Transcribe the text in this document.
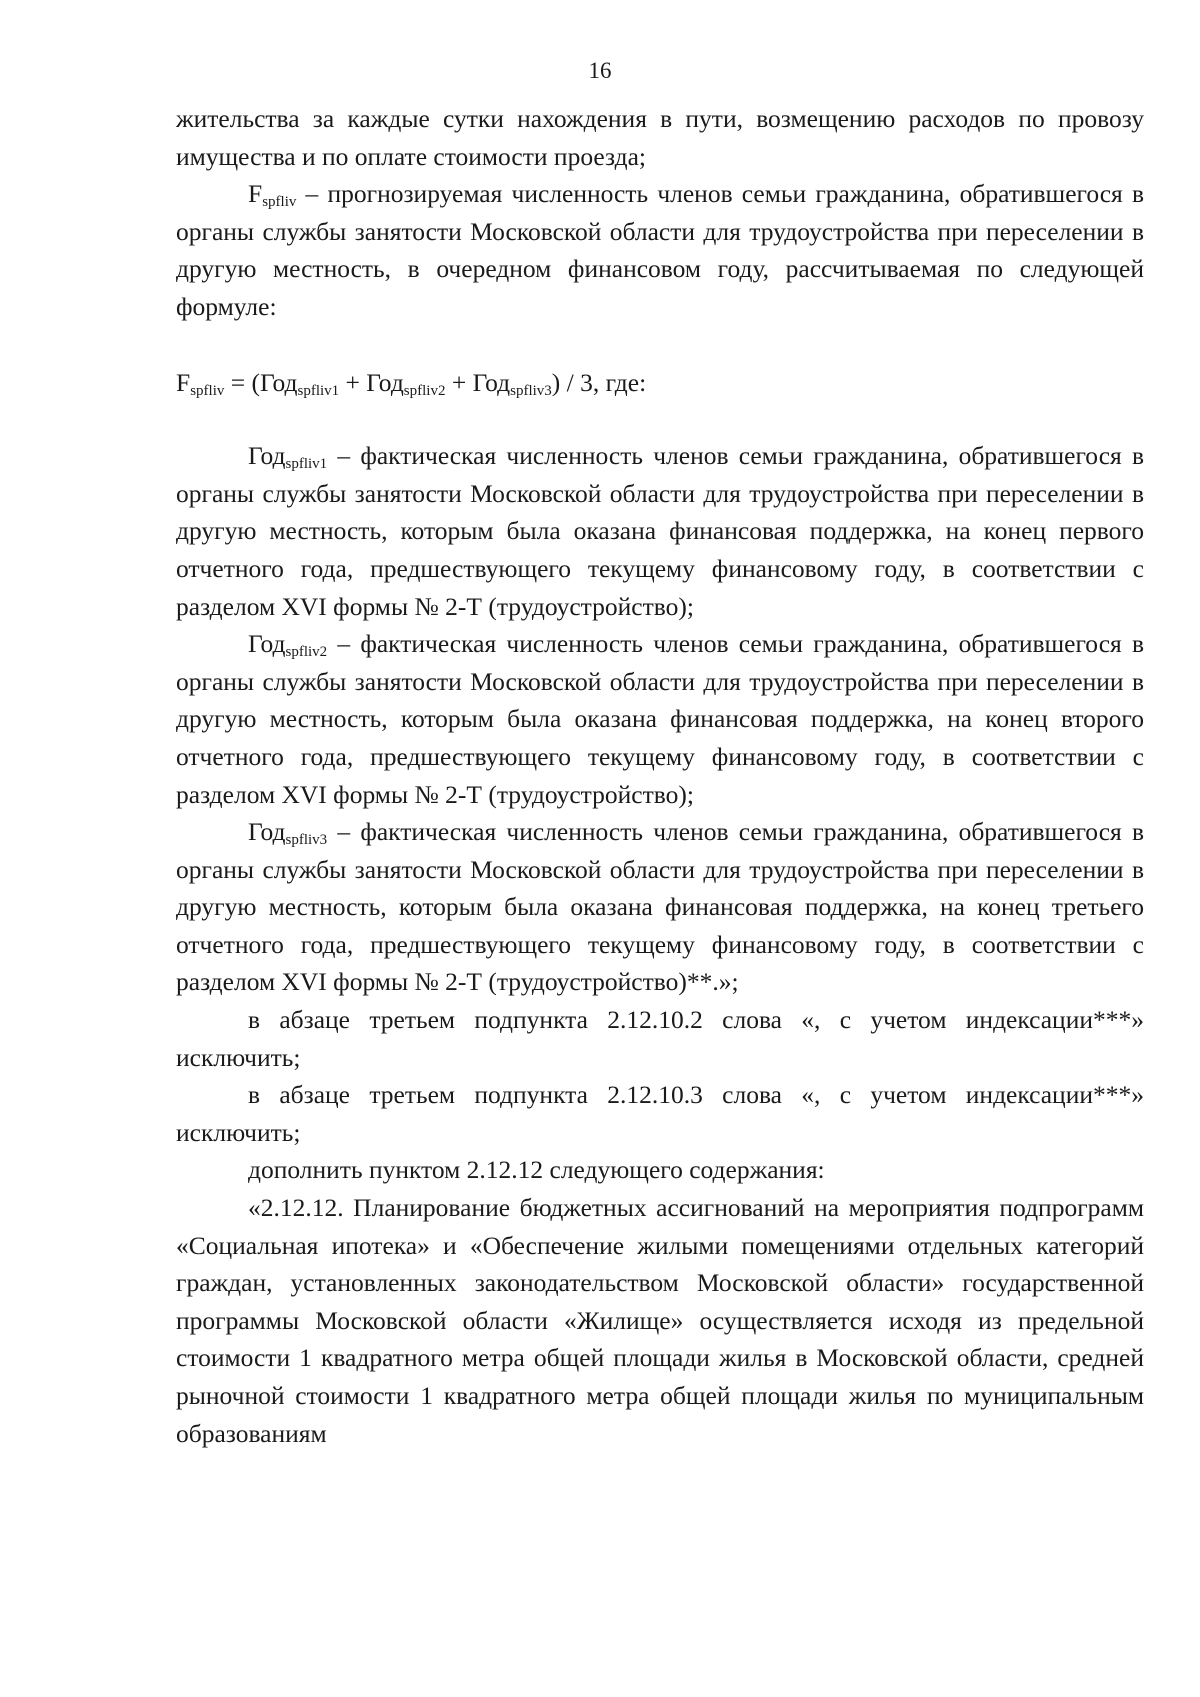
16

жительства за каждые сутки нахождения в пути, возмещению расходов по провозу имущества и по оплате стоимости проезда;

$F_{spfliv}$ – прогнозируемая численность членов семьи гражданина, обратившегося в органы службы занятости Московской области для трудоустройства при переселении в другую местность, в очередном финансовом году, рассчитываемая по следующей формуле:

$F_{spfliv} = (Год_{spfliv1} + Год_{spfliv2} + Год_{spfliv3}) / 3$, где:

Год$_{spfliv1}$ – фактическая численность членов семьи гражданина, обратившегося в органы службы занятости Московской области для трудоустройства при переселении в другую местность, которым была оказана финансовая поддержка, на конец первого отчетного года, предшествующего текущему финансовому году, в соответствии с разделом XVI формы № 2-Т (трудоустройство);

Год$_{spfliv2}$ – фактическая численность членов семьи гражданина, обратившегося в органы службы занятости Московской области для трудоустройства при переселении в другую местность, которым была оказана финансовая поддержка, на конец второго отчетного года, предшествующего текущему финансовому году, в соответствии с разделом XVI формы № 2-Т (трудоустройство);

Год$_{spfliv3}$ – фактическая численность членов семьи гражданина, обратившегося в органы службы занятости Московской области для трудоустройства при переселении в другую местность, которым была оказана финансовая поддержка, на конец третьего отчетного года, предшествующего текущему финансовому году, в соответствии с разделом XVI формы № 2-Т (трудоустройство)**.»;

в абзаце третьем подпункта 2.12.10.2 слова «, с учетом индексации***» исключить;

в абзаце третьем подпункта 2.12.10.3 слова «, с учетом индексации***» исключить;

дополнить пунктом 2.12.12 следующего содержания:

«2.12.12. Планирование бюджетных ассигнований на мероприятия подпрограмм «Социальная ипотека» и «Обеспечение жилыми помещениями отдельных категорий граждан, установленных законодательством Московской области» государственной программы Московской области «Жилище» осуществляется исходя из предельной стоимости 1 квадратного метра общей площади жилья в Московской области, средней рыночной стоимости 1 квадратного метра общей площади жилья по муниципальным образованиям
